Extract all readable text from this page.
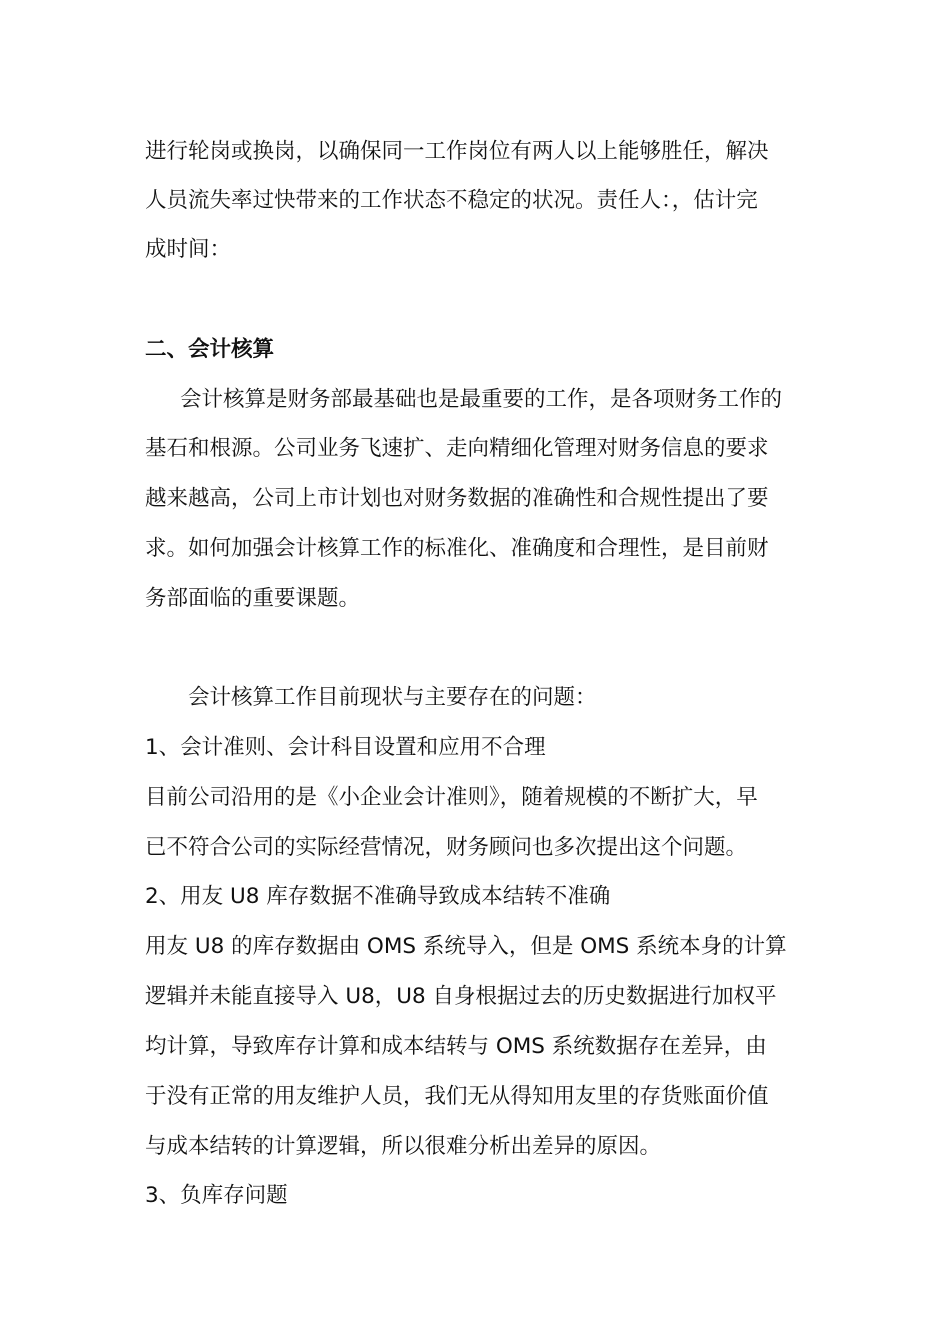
进行轮岗或换岗，以确保同一工作岗位有两人以上能够胜任，解决
人员流失率过快带来的工作状态不稳定的状况。责任人：，估计完
成时间：
二、会计核算
会计核算是财务部最基础也是最重要的工作，是各项财务工作的
基石和根源。公司业务飞速扩、走向精细化管理对财务信息的要求
越来越高，公司上市计划也对财务数据的准确性和合规性提出了要
求。如何加强会计核算工作的标准化、准确度和合理性，是目前财
务部面临的重要课题。
会计核算工作目前现状与主要存在的问题：
1、会计准则、会计科目设置和应用不合理
目前公司沿用的是《小企业会计准则》，随着规模的不断扩大，早
已不符合公司的实际经营情况，财务顾问也多次提出这个问题。
2、用友 U8 库存数据不准确导致成本结转不准确
用友 U8 的库存数据由 OMS 系统导入，但是 OMS 系统本身的计算
逻辑并未能直接导入 U8，U8 自身根据过去的历史数据进行加权平
均计算，导致库存计算和成本结转与 OMS 系统数据存在差异，由
于没有正常的用友维护人员，我们无从得知用友里的存货账面价值
与成本结转的计算逻辑，所以很难分析出差异的原因。
3、负库存问题
